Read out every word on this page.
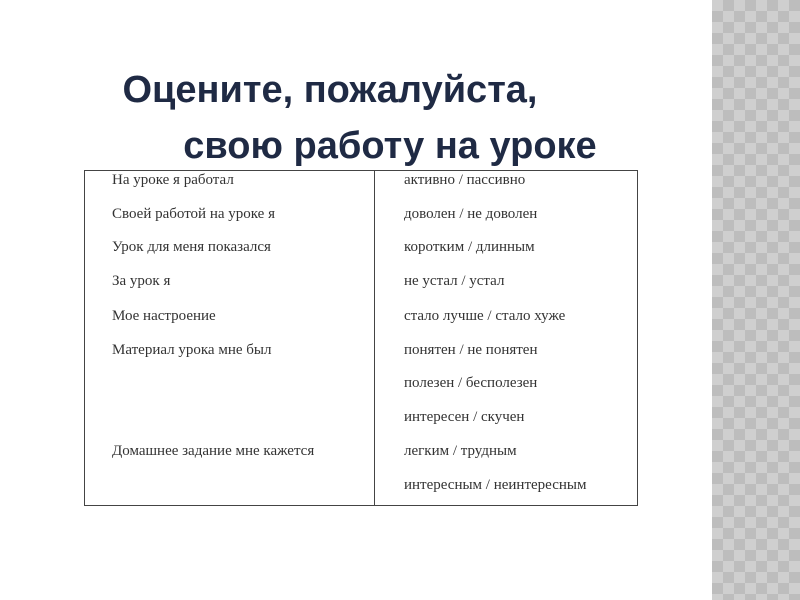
Оцените, пожалуйста,
свою работу на уроке
На уроке я работал	активно / пассивно
Своей работой на уроке я	доволен / не доволен
Урок для меня показался	коротким / длинным
За урок я	не устал / устал
Мое настроение	стало лучше / стало хуже
Материал урока мне был	понятен / не понятен
полезен / бесполезен
интересен / скучен
Домашнее задание мне кажется	легким / трудным
интересным / неинтересным
